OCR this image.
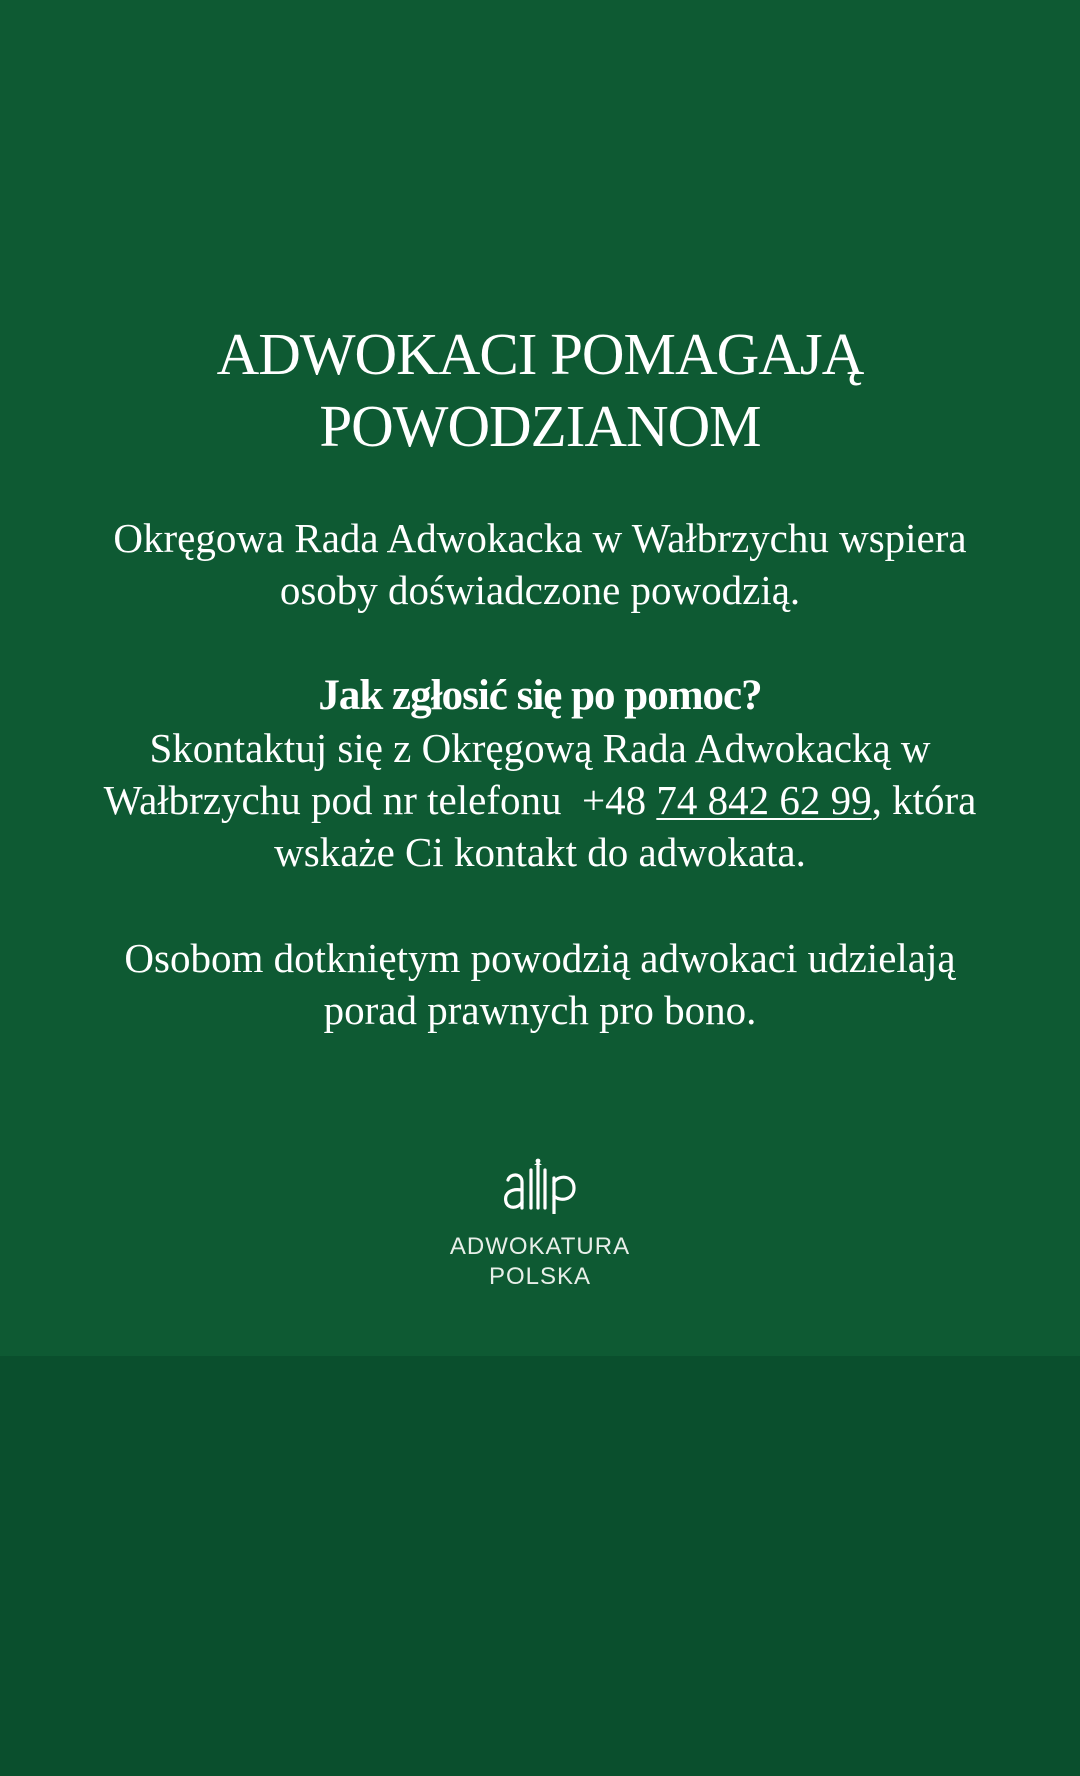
ADWOKACI POMAGAJĄ
POWODZIANOM

Okręgowa Rada Adwokacka w Wałbrzychu wspiera
osoby doświadczone powodzią.

Jak zgłosić się po pomoc?

Skontaktuj się z Okręgową Rada Adwokacką w
Wałbrzychu pod nr telefonu  +48 74 842 62 99, która
wskaże Ci kontakt do adwokata.

Osobom dotkniętym powodzią adwokaci udzielają
porad prawnych pro bono.

ADWOKATURA
POLSKA
